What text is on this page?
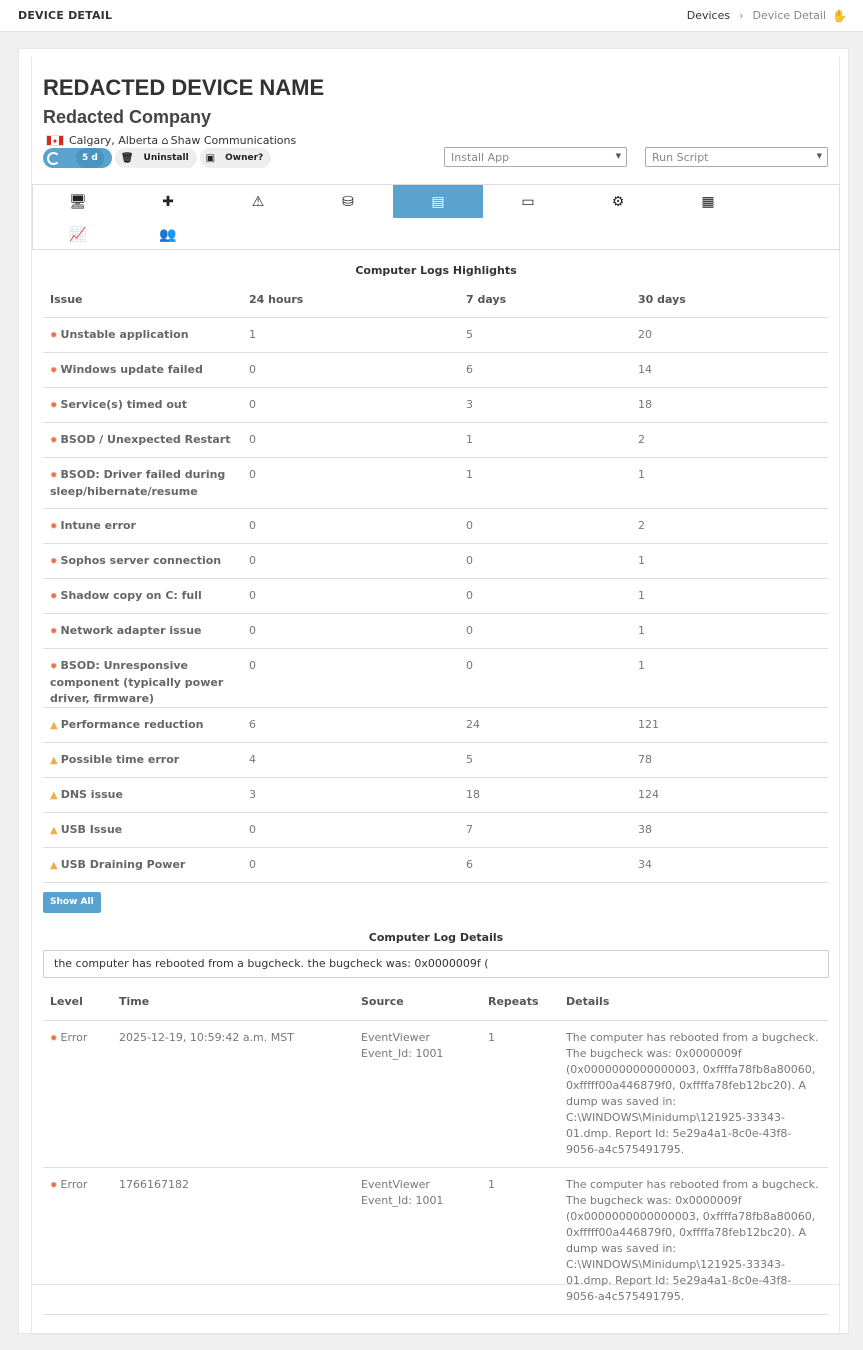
DEVICE DETAIL	Devices › Device Detail ✋
REDACTED DEVICE NAME
Redacted Company
✦ Calgary, Alberta ⌂ Shaw Communications
5 d	🗑 Uninstall ▣ Owner?	Install App	▼	Run Script	▼
🖥	✚	⚠	⛁	▤	▭	⚙	▦
📈	👥
Computer Logs Highlights
Issue	24 hours	7 days	30 days
✹ Unstable application	1	5	20
✹ Windows update failed	0	6	14
✹ Service(s) timed out	0	3	18
✹ BSOD / Unexpected Restart	0	1	2
✹ BSOD: Driver failed during sleep/hibernate/resume	0	1	1
✹ Intune error	0	0	2
✹ Sophos server connection	0	0	1
✹ Shadow copy on C: full	0	0	1
✹ Network adapter issue	0	0	1
✹ BSOD: Unresponsive component (typically power driver, firmware)	0	0	1
▲ Performance reduction	6	24	121
▲ Possible time error	4	5	78
▲ DNS issue	3	18	124
▲ USB Issue	0	7	38
▲ USB Draining Power	0	6	34
Show All
Computer Log Details
the computer has rebooted from a bugcheck. the bugcheck was: 0x0000009f (
Level	Time	Source	Repeats	Details
✹ Error	2025-12-19, 10:59:42 a.m. MST	EventViewer
Event_Id: 1001	1	The computer has rebooted from a bugcheck. The bugcheck was: 0x0000009f (0x0000000000000003, 0xffffa78fb8a80060, 0xfffff00a446879f0, 0xffffa78feb12bc20). A dump was saved in: C:\WINDOWS\Minidump\121925-33343-01.dmp. Report Id: 5e29a4a1-8c0e-43f8-9056-a4c575491795.
✹ Error	1766167182	EventViewer
Event_Id: 1001	1	The computer has rebooted from a bugcheck. The bugcheck was: 0x0000009f (0x0000000000000003, 0xffffa78fb8a80060, 0xfffff00a446879f0, 0xffffa78feb12bc20). A dump was saved in: C:\WINDOWS\Minidump\121925-33343-01.dmp. Report Id: 5e29a4a1-8c0e-43f8-9056-a4c575491795.
